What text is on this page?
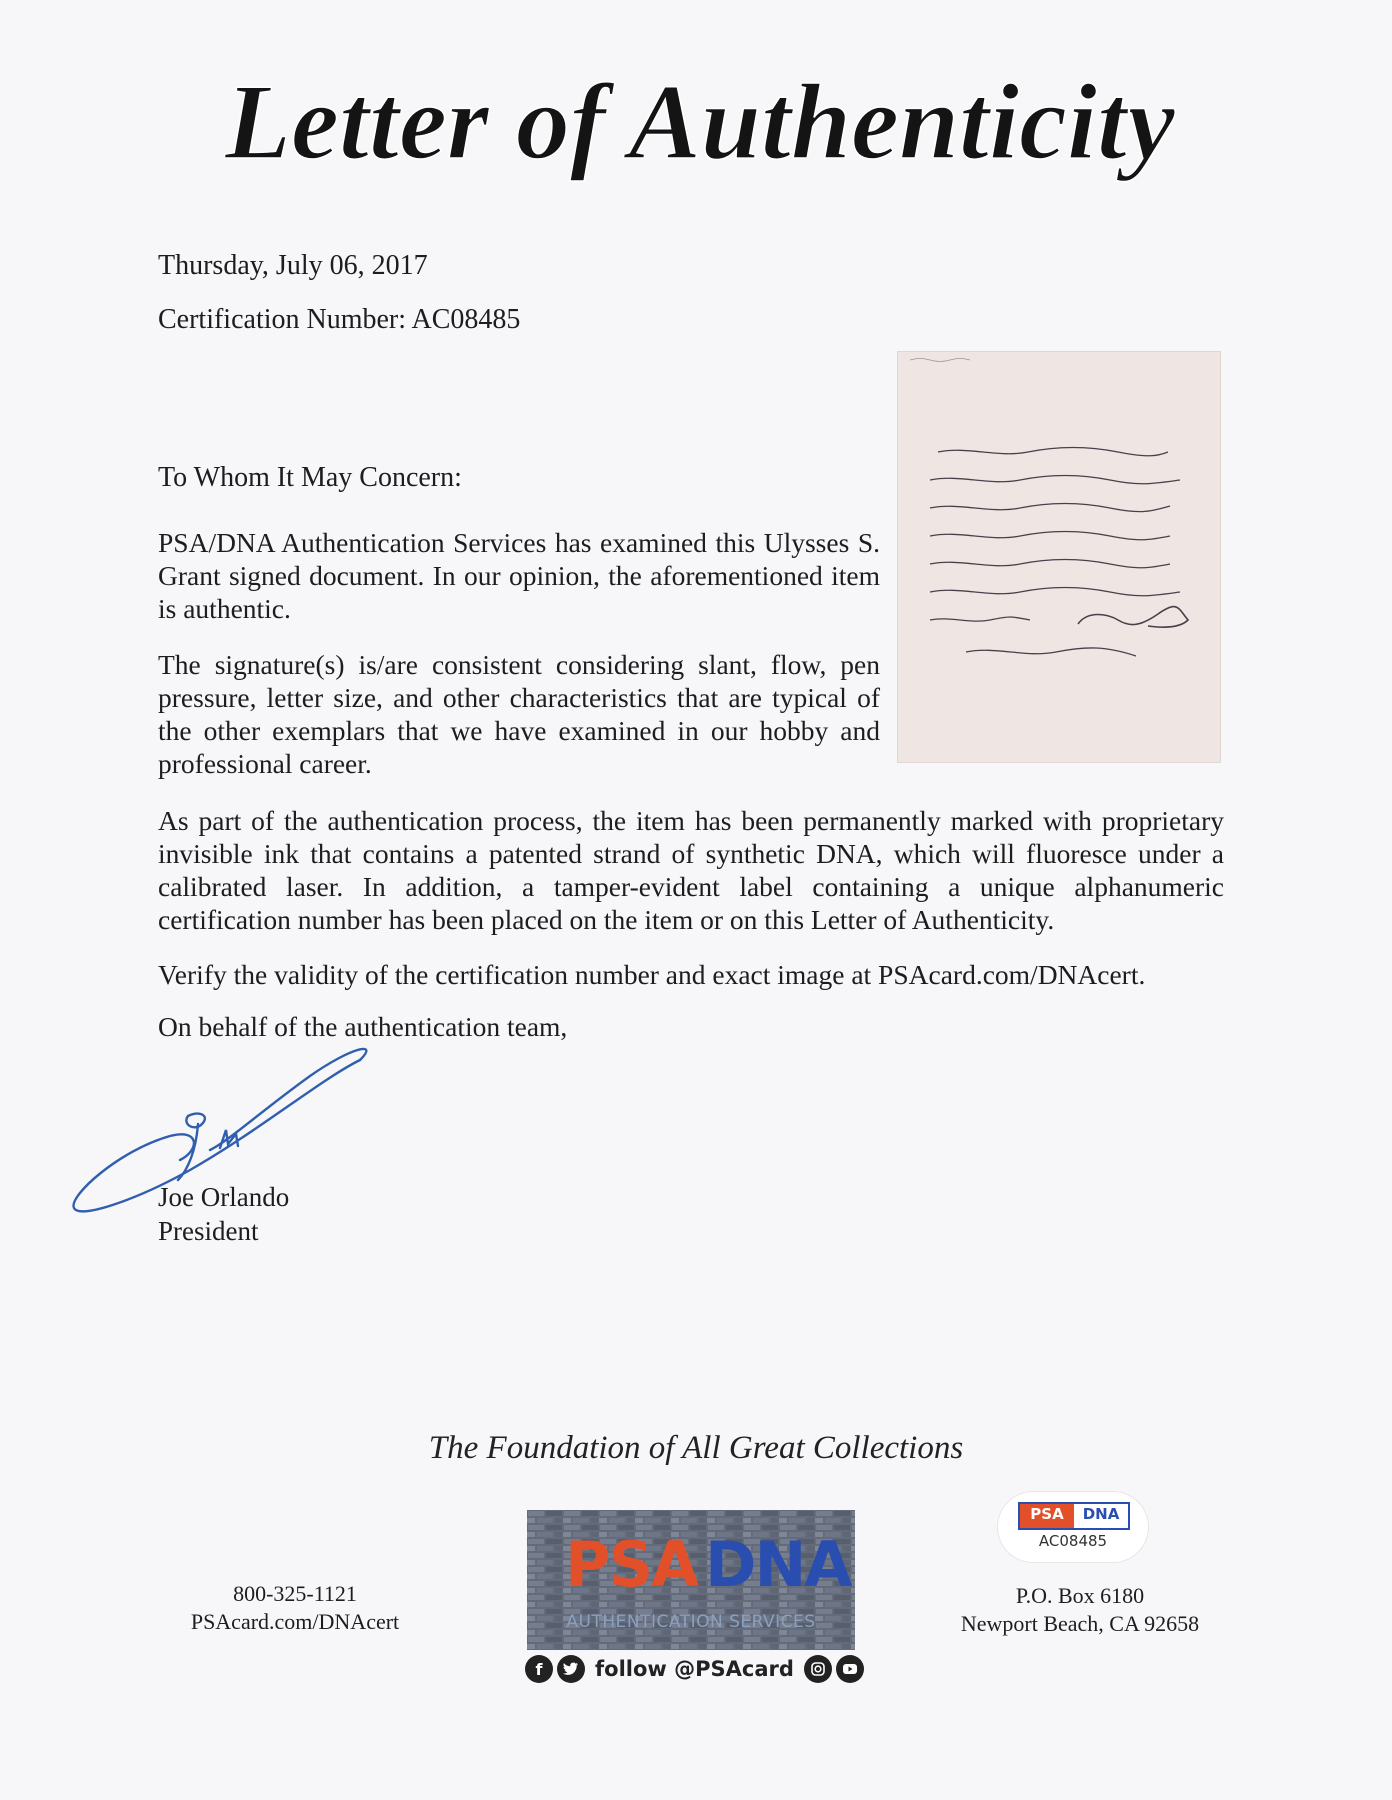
Letter of Authenticity
Thursday, July 06, 2017
Certification Number: AC08485
To Whom It May Concern:
PSA/DNA Authentication Services has examined this Ulysses S. Grant signed document. In our opinion, the aforementioned item is authentic.
The signature(s) is/are consistent considering slant, flow, pen pressure, letter size, and other characteristics that are typical of the other exemplars that we have examined in our hobby and professional career.
As part of the authentication process, the item has been permanently marked with proprietary invisible ink that contains a patented strand of synthetic DNA, which will fluoresce under a calibrated laser. In addition, a tamper-evident label containing a unique alphanumeric certification number has been placed on the item or on this Letter of Authenticity.
Verify the validity of the certification number and exact image at PSAcard.com/DNAcert.
On behalf of the authentication team,
Joe Orlando
President
The Foundation of All Great Collections
800-325-1121
PSAcard.com/DNAcert
PSA DNA
AUTHENTICATION SERVICES
f	follow @PSAcard
PSA	DNA
AC08485
P.O. Box 6180
Newport Beach, CA 92658
